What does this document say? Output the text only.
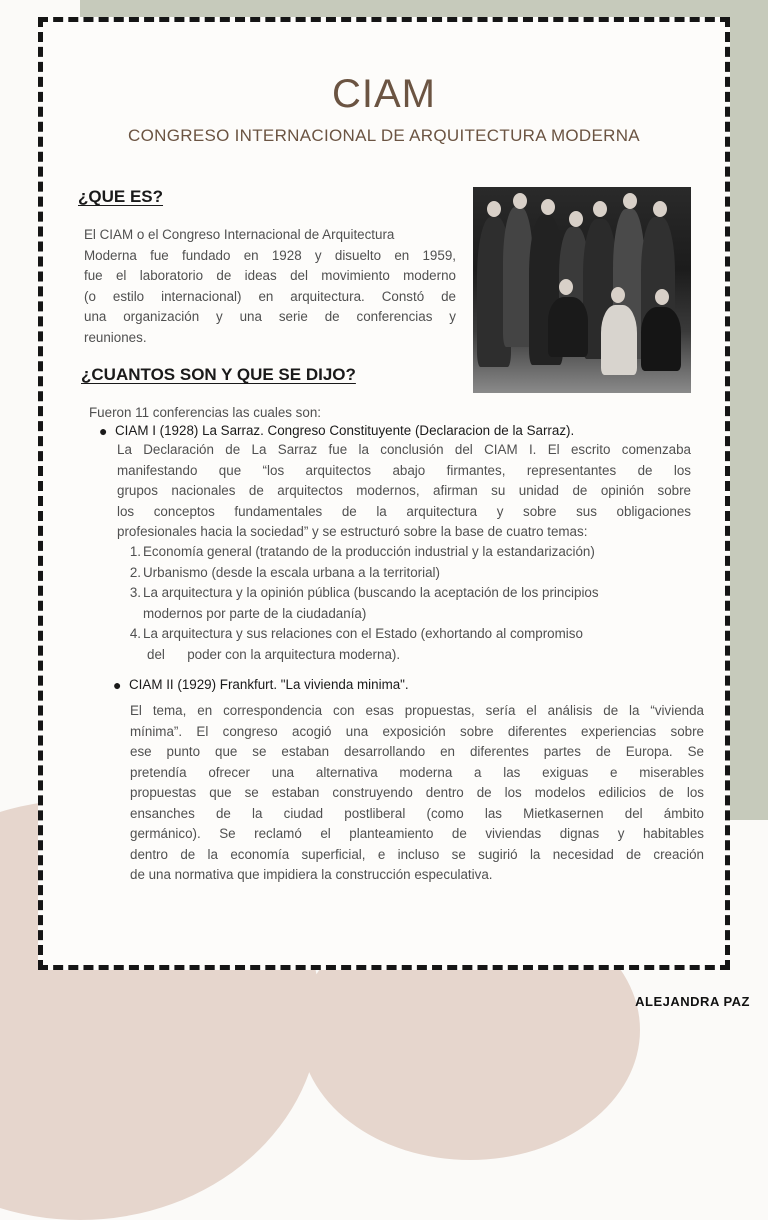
CIAM
CONGRESO INTERNACIONAL DE ARQUITECTURA MODERNA
¿QUE ES?
El CIAM o el Congreso Internacional de Arquitectura
Moderna fue fundado en 1928 y disuelto en 1959,
fue el laboratorio de ideas del movimiento moderno
(o estilo internacional) en arquitectura. Constó de
una organización y una serie de conferencias y
reuniones.
¿CUANTOS SON Y QUE SE DIJO?
Fueron 11 conferencias las cuales son:
● CIAM I (1928) La Sarraz. Congreso Constituyente (Declaracion de la Sarraz).
La Declaración de La Sarraz fue la conclusión del CIAM I. El escrito comenzaba
manifestando que “los arquitectos abajo firmantes, representantes de los
grupos nacionales de arquitectos modernos, afirman su unidad de opinión sobre
los conceptos fundamentales de la arquitectura y sobre sus obligaciones
profesionales hacia la sociedad” y se estructuró sobre la base de cuatro temas:
1. Economía general (tratando de la producción industrial y la estandarización)
2. Urbanismo (desde la escala urbana a la territorial)
3. La arquitectura y la opinión pública (buscando la aceptación de los principios
modernos por parte de la ciudadanía)
4. La arquitectura y sus relaciones con el Estado (exhortando al compromiso
del      poder con la arquitectura moderna).
● CIAM II (1929) Frankfurt. "La vivienda minima".
El tema, en correspondencia con esas propuestas, sería el análisis de la “vivienda
mínima”. El congreso acogió una exposición sobre diferentes experiencias sobre
ese punto que se estaban desarrollando en diferentes partes de Europa. Se
pretendía ofrecer una alternativa moderna a las exiguas e miserables
propuestas que se estaban construyendo dentro de los modelos edilicios de los
ensanches de la ciudad postliberal (como las Mietkasernen del ámbito
germánico). Se reclamó el planteamiento de viviendas dignas y habitables
dentro de la economía superficial, e incluso se sugirió la necesidad de creación
de una normativa que impidiera la construcción especulativa.
ALEJANDRA PAZ
